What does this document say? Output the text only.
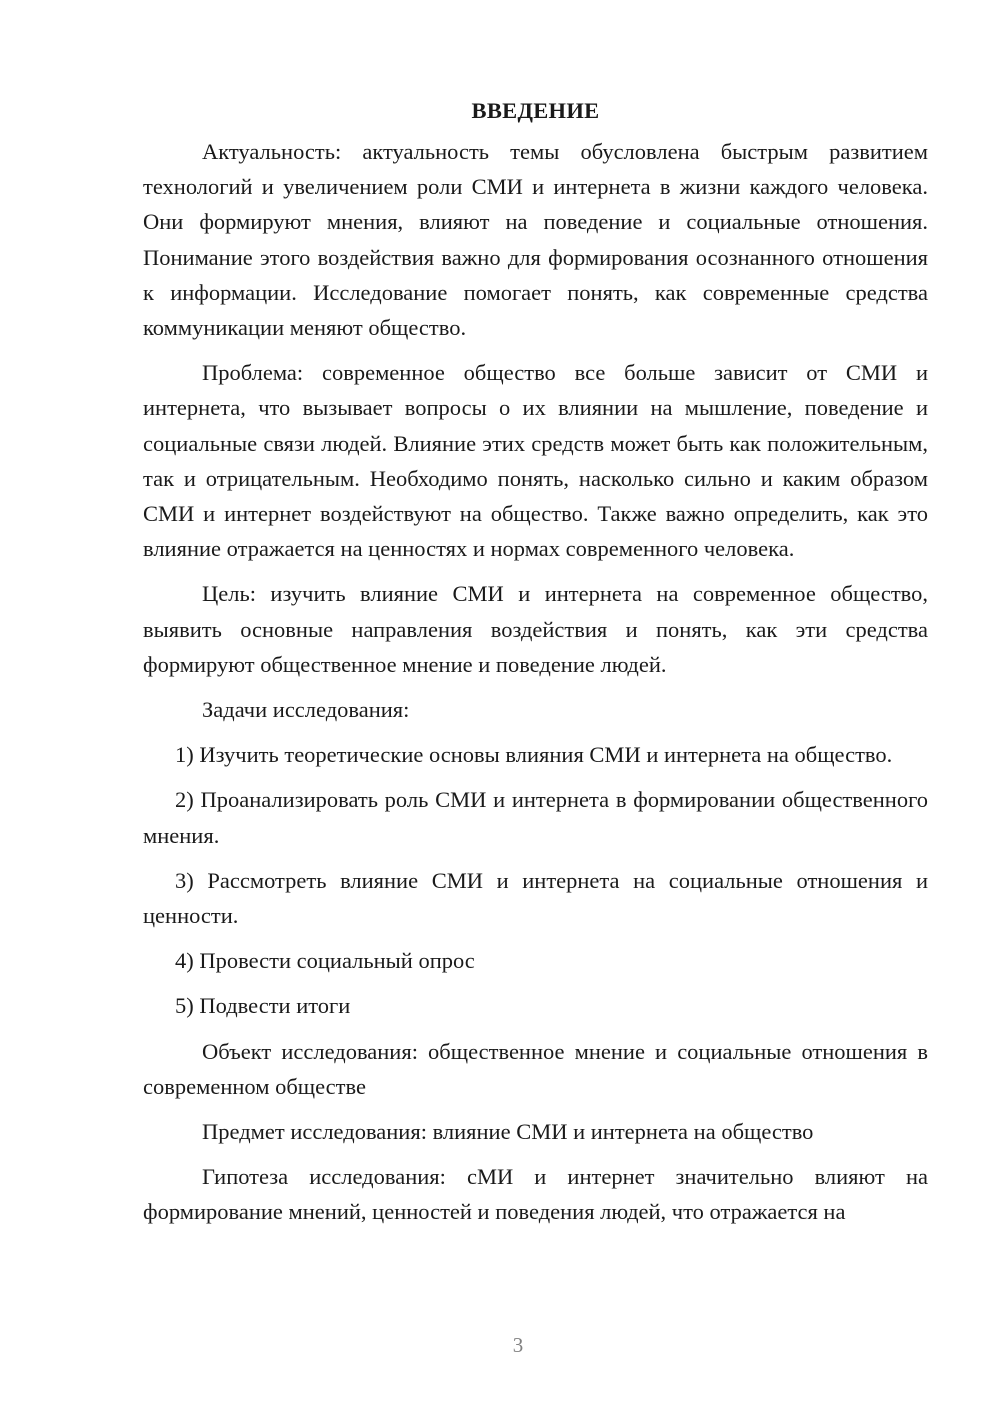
ВВЕДЕНИЕ

Актуальность: актуальность темы обусловлена быстрым развитием технологий и увеличением роли СМИ и интернета в жизни каждого человека. Они формируют мнения, влияют на поведение и социальные отношения. Понимание этого воздействия важно для формирования осознанного отношения к информации. Исследование помогает понять, как современные средства коммуникации меняют общество.

Проблема: современное общество все больше зависит от СМИ и интернета, что вызывает вопросы о их влиянии на мышление, поведение и социальные связи людей. Влияние этих средств может быть как положительным, так и отрицательным. Необходимо понять, насколько сильно и каким образом СМИ и интернет воздействуют на общество. Также важно определить, как это влияние отражается на ценностях и нормах современного человека.

Цель: изучить влияние СМИ и интернета на современное общество, выявить основные направления воздействия и понять, как эти средства формируют общественное мнение и поведение людей.

Задачи исследования:

1) Изучить теоретические основы влияния СМИ и интернета на общество.

2) Проанализировать роль СМИ и интернета в формировании общественного мнения.

3) Рассмотреть влияние СМИ и интернета на социальные отношения и ценности.

4) Провести социальный опрос

5) Подвести итоги

Объект исследования: общественное мнение и социальные отношения в современном обществе

Предмет исследования: влияние СМИ и интернета на общество

Гипотеза исследования: сМИ и интернет значительно влияют на формирование мнений, ценностей и поведения людей, что отражается на

3
